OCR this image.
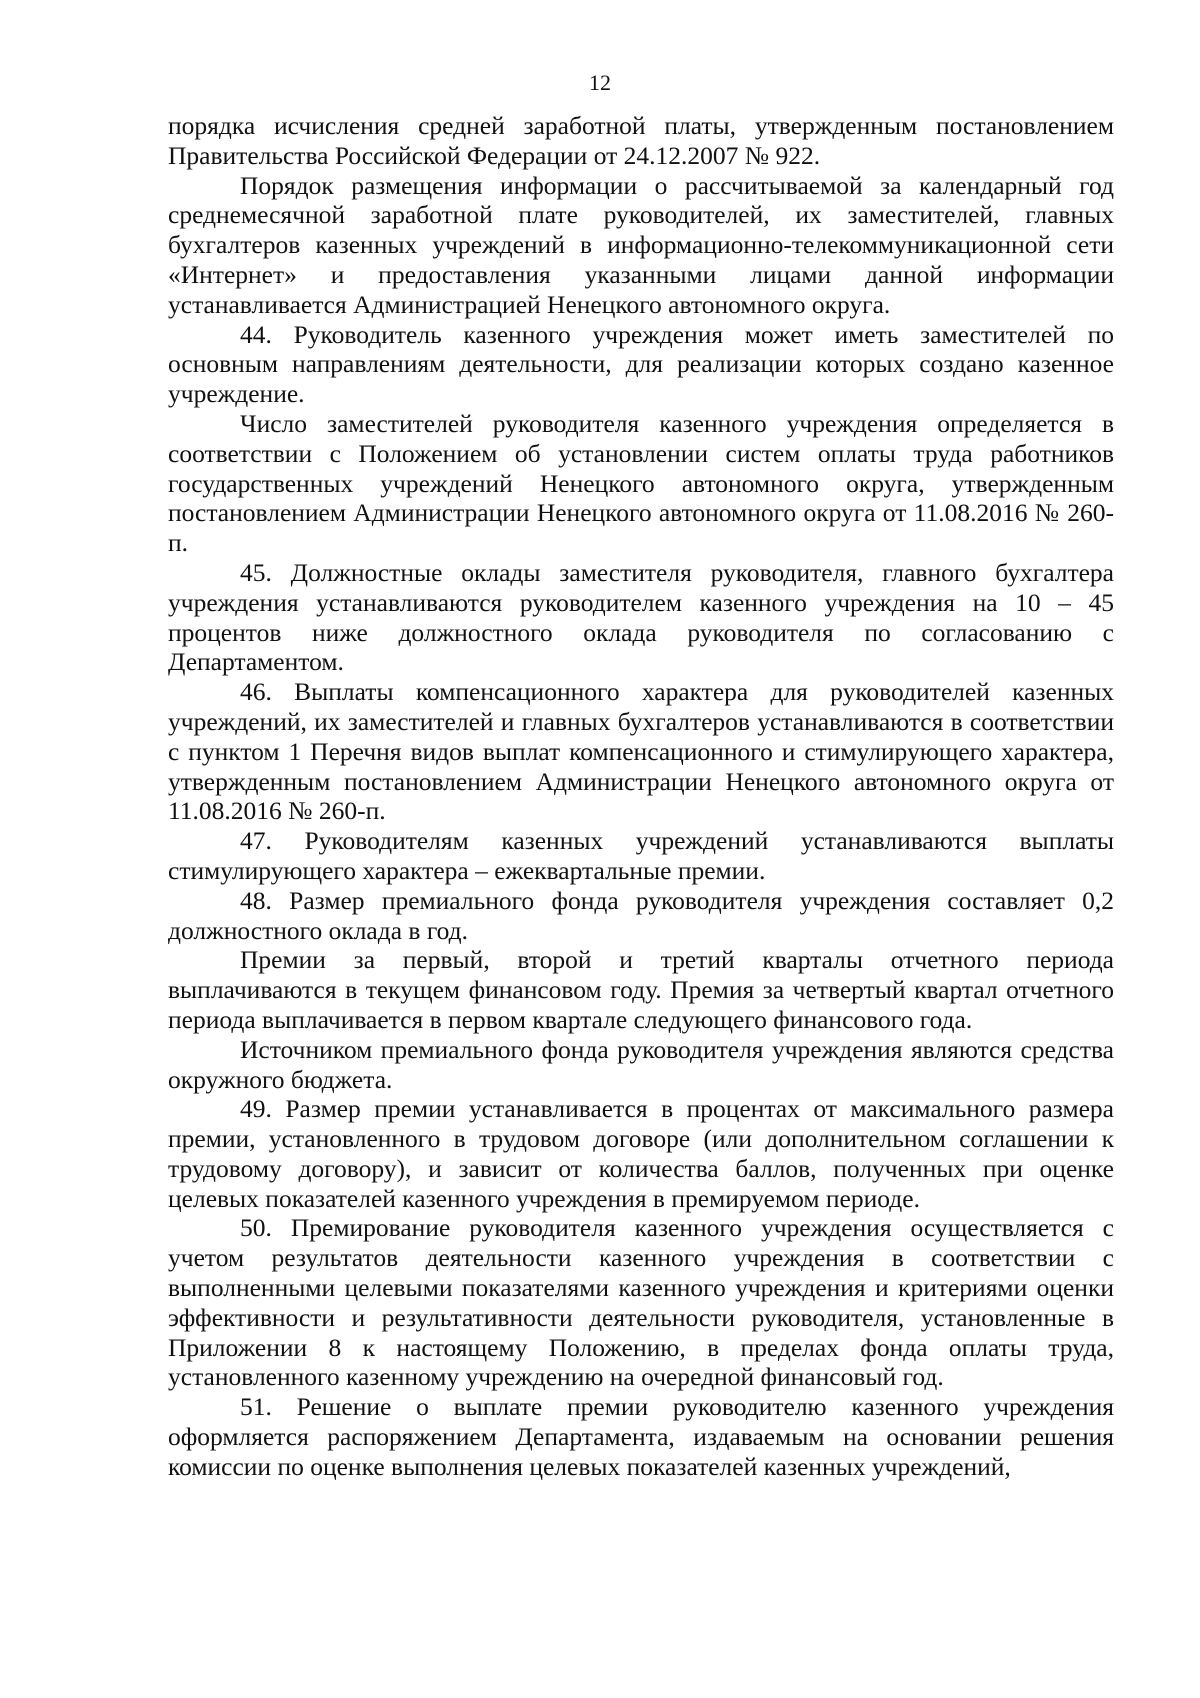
12

порядка исчисления средней заработной платы, утвержденным постановлением Правительства Российской Федерации от 24.12.2007 № 922.

Порядок размещения информации о рассчитываемой за календарный год среднемесячной заработной плате руководителей, их заместителей, главных бухгалтеров казенных учреждений в информационно-телекоммуникационной сети «Интернет» и предоставления указанными лицами данной информации устанавливается Администрацией Ненецкого автономного округа.

44. Руководитель казенного учреждения может иметь заместителей по основным направлениям деятельности, для реализации которых создано казенное учреждение.

Число заместителей руководителя казенного учреждения определяется в соответствии с Положением об установлении систем оплаты труда работников государственных учреждений Ненецкого автономного округа, утвержденным постановлением Администрации Ненецкого автономного округа от 11.08.2016 № 260-п.

45. Должностные оклады заместителя руководителя, главного бухгалтера учреждения устанавливаются руководителем казенного учреждения на 10 – 45 процентов ниже должностного оклада руководителя по согласованию с Департаментом.

46. Выплаты компенсационного характера для руководителей казенных учреждений, их заместителей и главных бухгалтеров устанавливаются в соответствии с пунктом 1 Перечня видов выплат компенсационного и стимулирующего характера, утвержденным постановлением Администрации Ненецкого автономного округа от 11.08.2016 № 260-п.

47. Руководителям казенных учреждений устанавливаются выплаты стимулирующего характера – ежеквартальные премии.

48. Размер премиального фонда руководителя учреждения составляет 0,2 должностного оклада в год.

Премии за первый, второй и третий кварталы отчетного периода выплачиваются в текущем финансовом году. Премия за четвертый квартал отчетного периода выплачивается в первом квартале следующего финансового года.

Источником премиального фонда руководителя учреждения являются средства окружного бюджета.

49. Размер премии устанавливается в процентах от максимального размера премии, установленного в трудовом договоре (или дополнительном соглашении к трудовому договору), и зависит от количества баллов, полученных при оценке целевых показателей казенного учреждения в премируемом периоде.

50. Премирование руководителя казенного учреждения осуществляется с учетом результатов деятельности казенного учреждения в соответствии с выполненными целевыми показателями казенного учреждения и критериями оценки эффективности и результативности деятельности руководителя, установленные в Приложении 8 к настоящему Положению, в пределах фонда оплаты труда, установленного казенному учреждению на очередной финансовый год.

51. Решение о выплате премии руководителю казенного учреждения оформляется распоряжением Департамента, издаваемым на основании решения комиссии по оценке выполнения целевых показателей казенных учреждений,
